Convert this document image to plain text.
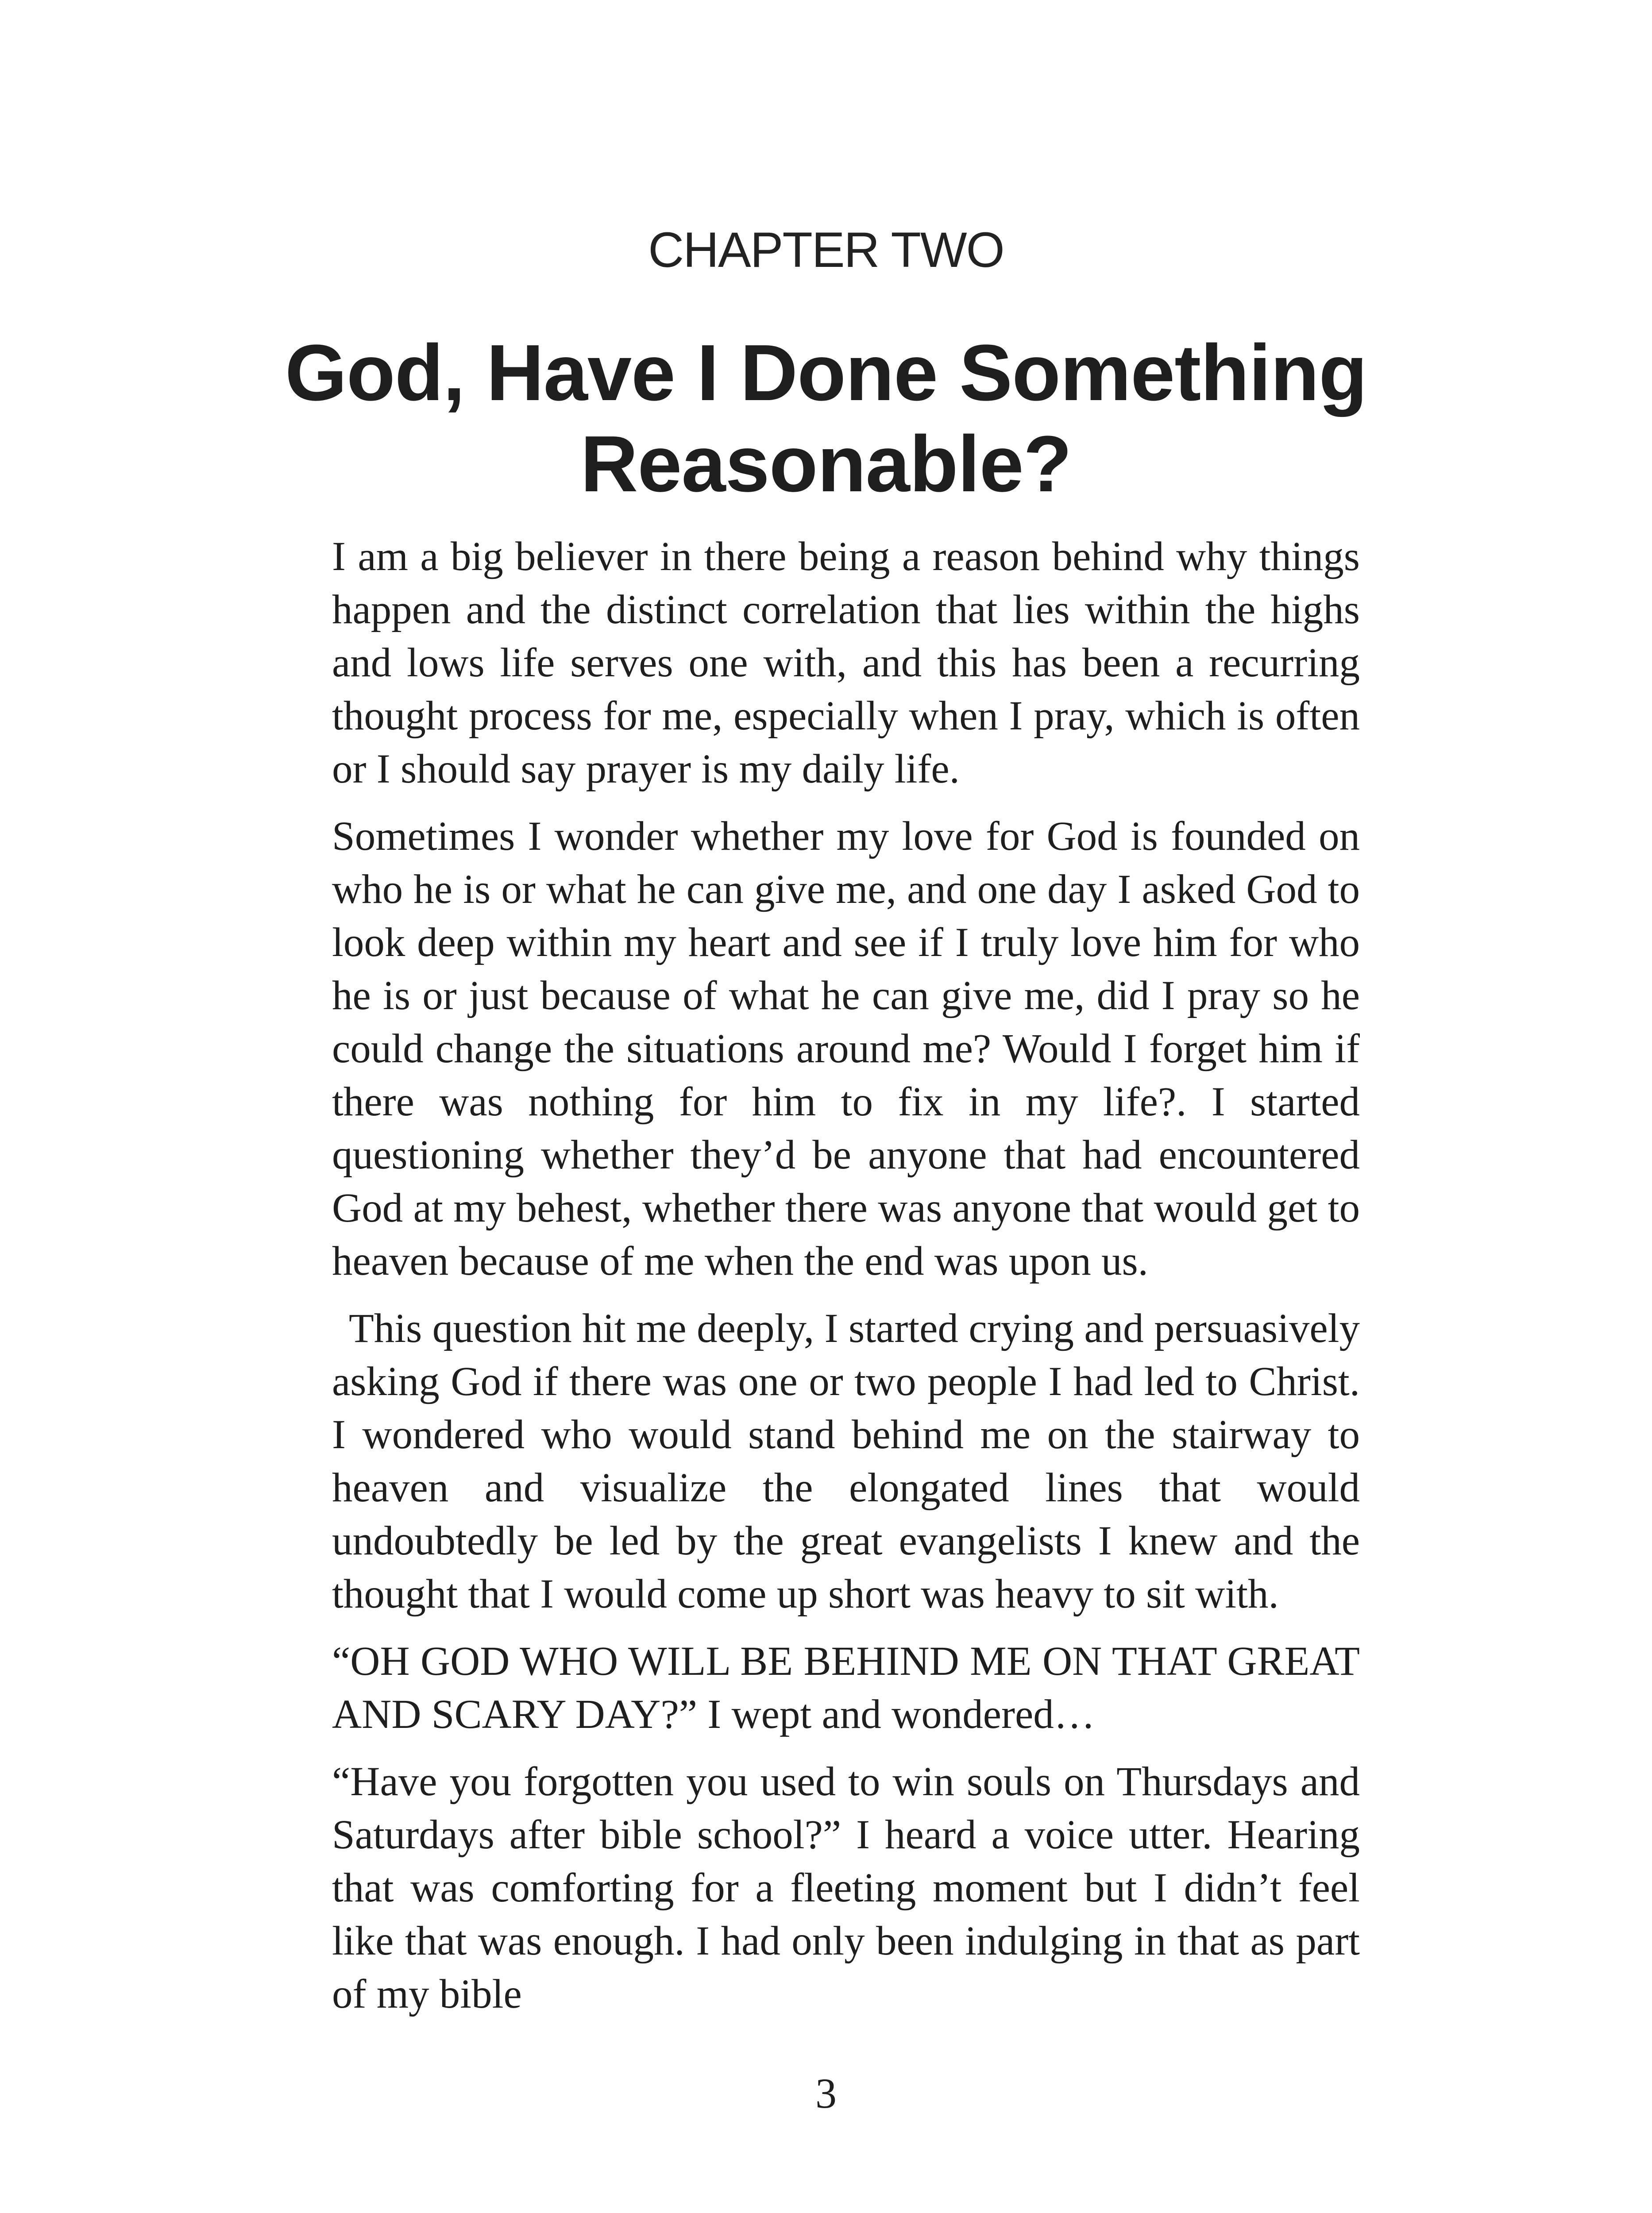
CHAPTER TWO
God, Have I Done Something Reasonable?

I am a big believer in there being a reason behind why things happen and the distinct correlation that lies within the highs and lows life serves one with, and this has been a recurring thought process for me, especially when I pray, which is often or I should say prayer is my daily life.

Sometimes I wonder whether my love for God is founded on who he is or what he can give me, and one day I asked God to look deep within my heart and see if I truly love him for who he is or just because of what he can give me, did I pray so he could change the situations around me? Would I forget him if there was nothing for him to fix in my life?. I started questioning whether they’d be anyone that had encountered God at my behest, whether there was anyone that would get to heaven because of me when the end was upon us.

This question hit me deeply, I started crying and persuasively asking God if there was one or two people I had led to Christ. I wondered who would stand behind me on the stairway to heaven and visualize the elongated lines that would undoubtedly be led by the great evangelists I knew and the thought that I would come up short was heavy to sit with.

“OH GOD WHO WILL BE BEHIND ME ON THAT GREAT AND SCARY DAY?” I wept and wondered…

“Have you forgotten you used to win souls on Thursdays and Saturdays after bible school?” I heard a voice utter. Hearing that was comforting for a fleeting moment but I didn’t feel like that was enough. I had only been indulging in that as part of my bible

3
